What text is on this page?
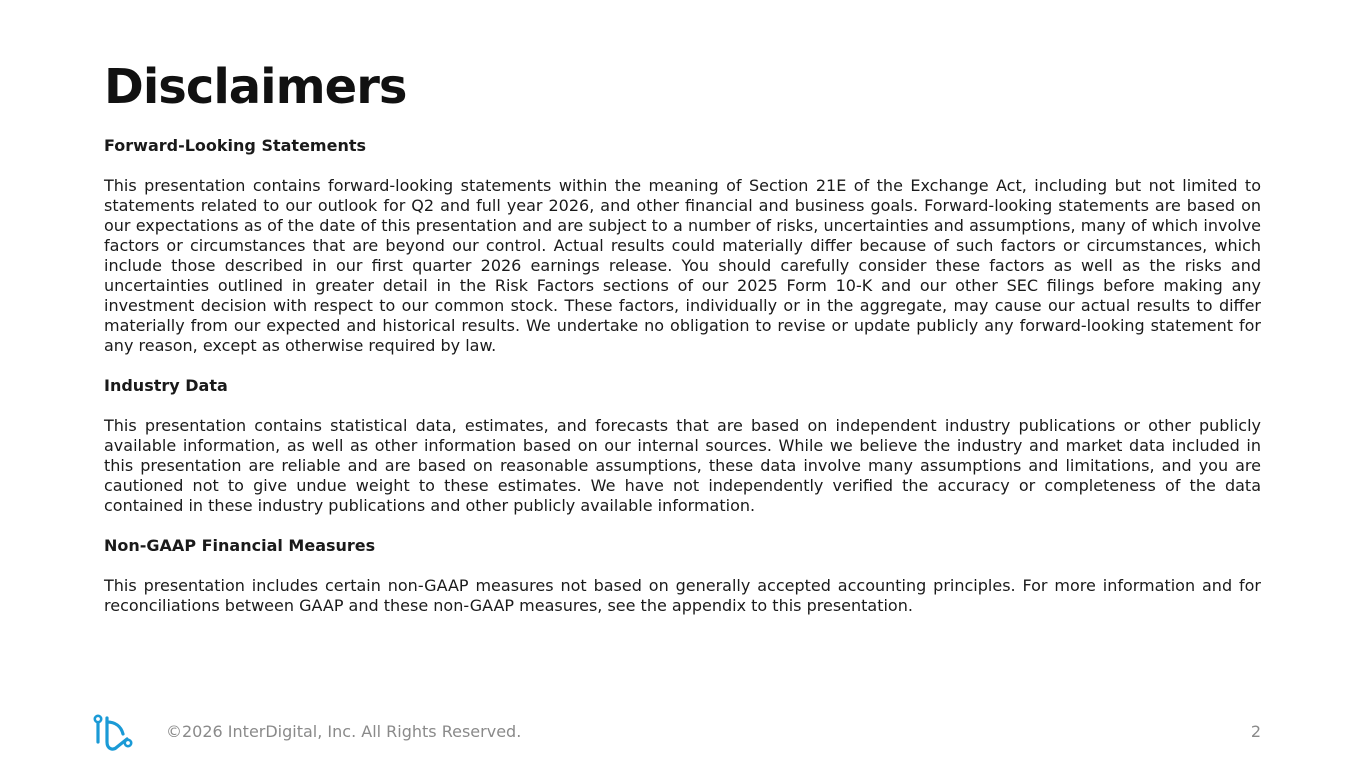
Disclaimers

Forward-Looking Statements

This presentation contains forward-looking statements within the meaning of Section 21E of the Exchange Act, including but not limited to statements related to our outlook for Q2 and full year 2026, and other financial and business goals. Forward-looking statements are based on our expectations as of the date of this presentation and are subject to a number of risks, uncertainties and assumptions, many of which involve factors or circumstances that are beyond our control. Actual results could materially differ because of such factors or circumstances, which include those described in our first quarter 2026 earnings release. You should carefully consider these factors as well as the risks and uncertainties outlined in greater detail in the Risk Factors sections of our 2025 Form 10-K and our other SEC filings before making any investment decision with respect to our common stock. These factors, individually or in the aggregate, may cause our actual results to differ materially from our expected and historical results. We undertake no obligation to revise or update publicly any forward-looking statement for any reason, except as otherwise required by law.

Industry Data

This presentation contains statistical data, estimates, and forecasts that are based on independent industry publications or other publicly available information, as well as other information based on our internal sources. While we believe the industry and market data included in this presentation are reliable and are based on reasonable assumptions, these data involve many assumptions and limitations, and you are cautioned not to give undue weight to these estimates. We have not independently verified the accuracy or completeness of the data contained in these industry publications and other publicly available information.

Non-GAAP Financial Measures

This presentation includes certain non-GAAP measures not based on generally accepted accounting principles. For more information and for reconciliations between GAAP and these non-GAAP measures, see the appendix to this presentation.

©2026 InterDigital, Inc. All Rights Reserved.	2
